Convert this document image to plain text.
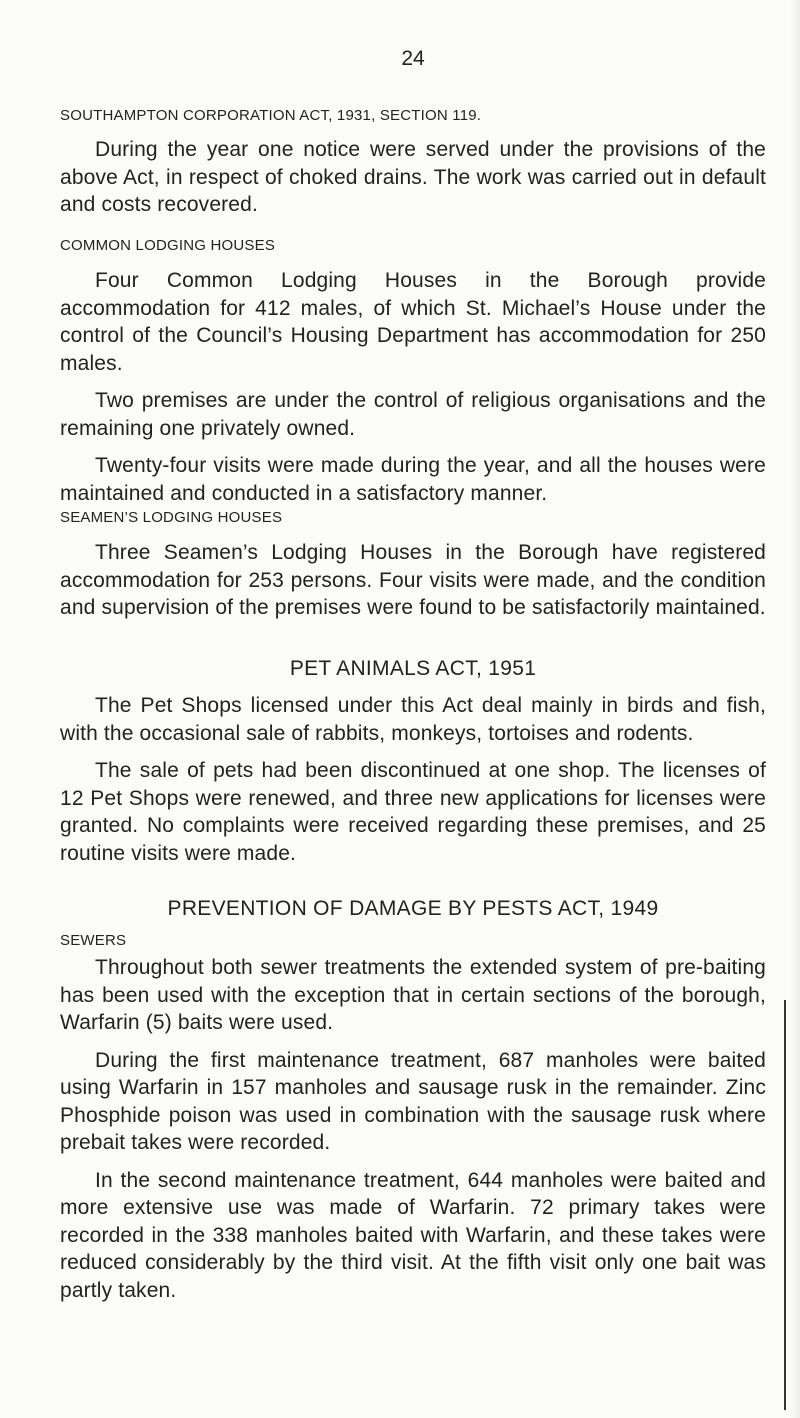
24
SOUTHAMPTON CORPORATION ACT, 1931, SECTION 119.

During the year one notice were served under the provisions of the above Act, in respect of choked drains. The work was carried out in default and costs recovered.

COMMON LODGING HOUSES

Four Common Lodging Houses in the Borough provide accommodation for 412 males, of which St. Michael’s House under the control of the Council’s Housing Department has accommodation for 250 males.

Two premises are under the control of religious organisations and the remaining one privately owned.

Twenty-four visits were made during the year, and all the houses were maintained and conducted in a satisfactory manner.

SEAMEN’S LODGING HOUSES

Three Seamen’s Lodging Houses in the Borough have registered accommodation for 253 persons. Four visits were made, and the condition and supervision of the premises were found to be satisfactorily maintained.

PET ANIMALS ACT, 1951

The Pet Shops licensed under this Act deal mainly in birds and fish, with the occasional sale of rabbits, monkeys, tortoises and rodents.

The sale of pets had been discontinued at one shop. The licenses of 12 Pet Shops were renewed, and three new applications for licenses were granted. No complaints were received regarding these premises, and 25 routine visits were made.

PREVENTION OF DAMAGE BY PESTS ACT, 1949
SEWERS

Throughout both sewer treatments the extended system of pre-baiting has been used with the exception that in certain sections of the borough, Warfarin (5) baits were used.

During the first maintenance treatment, 687 manholes were baited using Warfarin in 157 manholes and sausage rusk in the remainder. Zinc Phosphide poison was used in combination with the sausage rusk where prebait takes were recorded.

In the second maintenance treatment, 644 manholes were baited and more extensive use was made of Warfarin. 72 primary takes were recorded in the 338 manholes baited with Warfarin, and these takes were reduced considerably by the third visit. At the fifth visit only one bait was partly taken.
